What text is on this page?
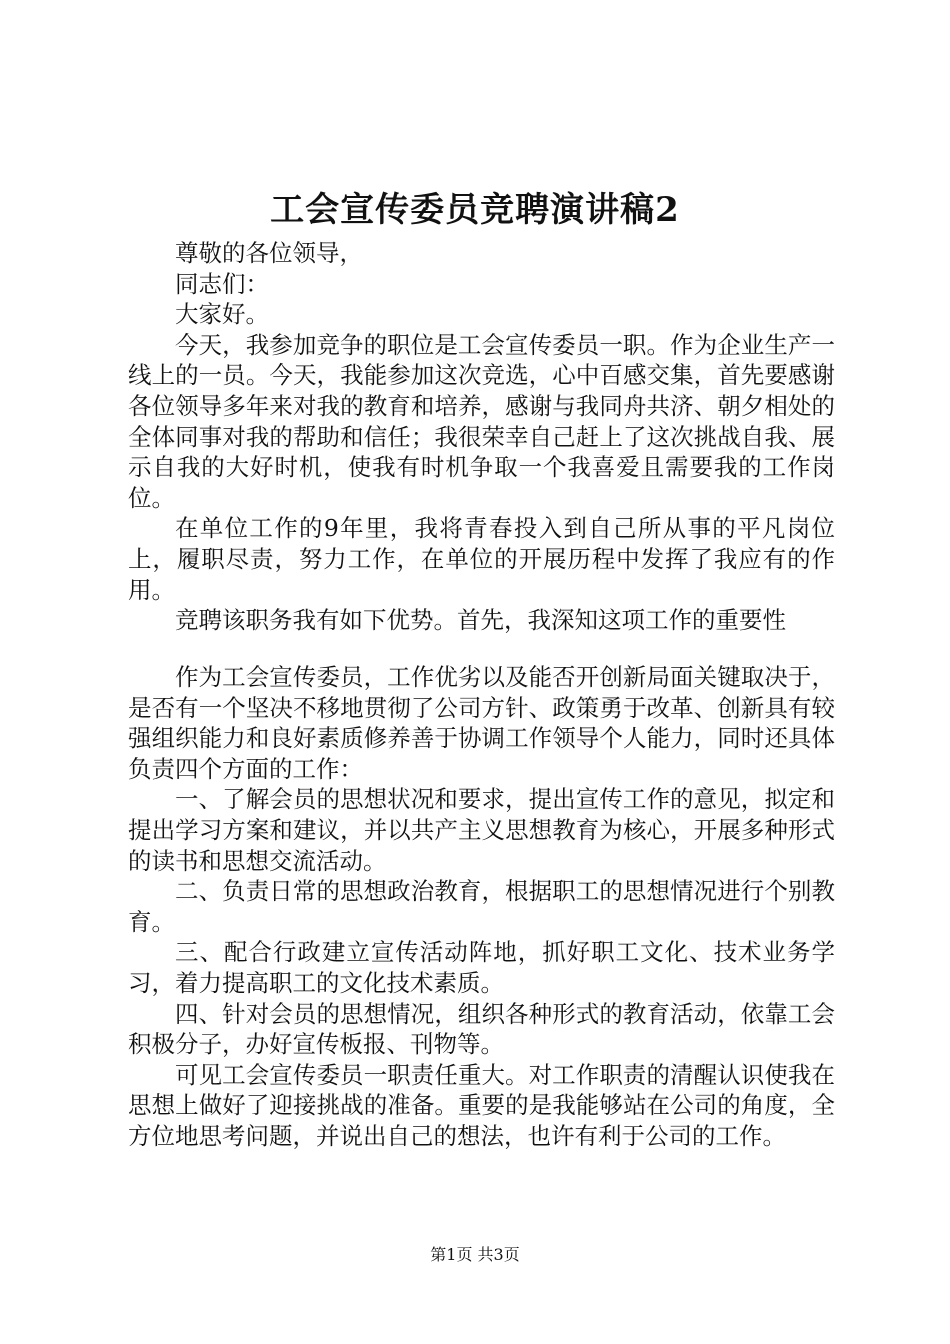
工会宣传委员竞聘演讲稿2

尊敬的各位领导，

同志们：

大家好。

今天，我参加竞争的职位是工会宣传委员一职。作为企业生产一线上的一员。今天，我能参加这次竞选，心中百感交集，首先要感谢各位领导多年来对我的教育和培养，感谢与我同舟共济、朝夕相处的全体同事对我的帮助和信任；我很荣幸自己赶上了这次挑战自我、展示自我的大好时机，使我有时机争取一个我喜爱且需要我的工作岗位。

在单位工作的9年里，我将青春投入到自己所从事的平凡岗位上，履职尽责，努力工作，在单位的开展历程中发挥了我应有的作用。

竞聘该职务我有如下优势。首先，我深知这项工作的重要性

作为工会宣传委员，工作优劣以及能否开创新局面关键取决于，是否有一个坚决不移地贯彻了公司方针、政策勇于改革、创新具有较强组织能力和良好素质修养善于协调工作领导个人能力，同时还具体负责四个方面的工作：

一、了解会员的思想状况和要求，提出宣传工作的意见，拟定和提出学习方案和建议，并以共产主义思想教育为核心，开展多种形式的读书和思想交流活动。

二、负责日常的思想政治教育，根据职工的思想情况进行个别教育。

三、配合行政建立宣传活动阵地，抓好职工文化、技术业务学习，着力提高职工的文化技术素质。

四、针对会员的思想情况，组织各种形式的教育活动，依靠工会积极分子，办好宣传板报、刊物等。

可见工会宣传委员一职责任重大。对工作职责的清醒认识使我在思想上做好了迎接挑战的准备。重要的是我能够站在公司的角度，全方位地思考问题，并说出自己的想法，也许有利于公司的工作。

第1页 共3页
